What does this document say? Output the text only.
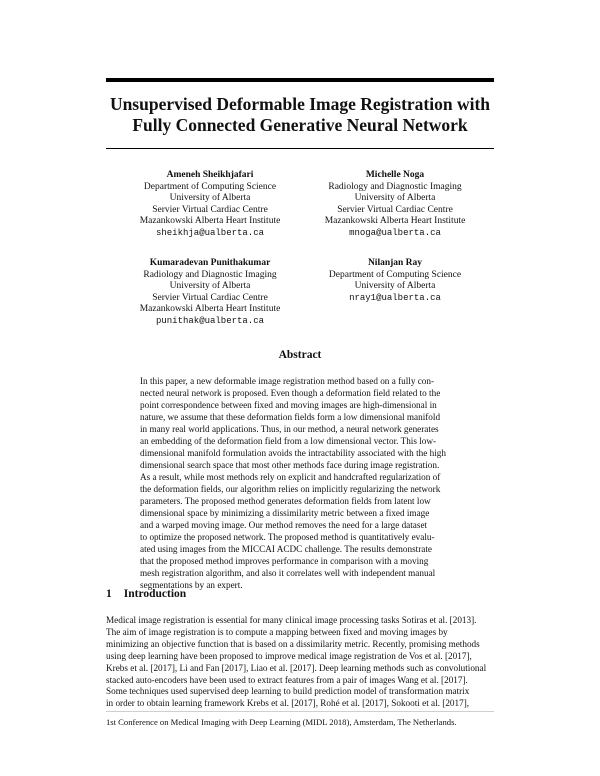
Unsupervised Deformable Image Registration with
Fully Connected Generative Neural Network
Ameneh Sheikhjafari
Department of Computing Science
University of Alberta
Servier Virtual Cardiac Centre
Mazankowski Alberta Heart Institute
sheikhja@ualberta.ca
Michelle Noga
Radiology and Diagnostic Imaging
University of Alberta
Servier Virtual Cardiac Centre
Mazankowski Alberta Heart Institute
mnoga@ualberta.ca
Kumaradevan Punithakumar
Radiology and Diagnostic Imaging
University of Alberta
Servier Virtual Cardiac Centre
Mazankowski Alberta Heart Institute
punithak@ualberta.ca
Nilanjan Ray
Department of Computing Science
University of Alberta
nray1@ualberta.ca
Abstract
In this paper, a new deformable image registration method based on a fully con-
nected neural network is proposed. Even though a deformation field related to the
point correspondence between fixed and moving images are high-dimensional in
nature, we assume that these deformation fields form a low dimensional manifold
in many real world applications. Thus, in our method, a neural network generates
an embedding of the deformation field from a low dimensional vector. This low-
dimensional manifold formulation avoids the intractability associated with the high
dimensional search space that most other methods face during image registration.
As a result, while most methods rely on explicit and handcrafted regularization of
the deformation fields, our algorithm relies on implicitly regularizing the network
parameters. The proposed method generates deformation fields from latent low
dimensional space by minimizing a dissimilarity metric between a fixed image
and a warped moving image. Our method removes the need for a large dataset
to optimize the proposed network. The proposed method is quantitatively evalu-
ated using images from the MICCAI ACDC challenge. The results demonstrate
that the proposed method improves performance in comparison with a moving
mesh registration algorithm, and also it correlates well with independent manual
segmentations by an expert.
1 Introduction
Medical image registration is essential for many clinical image processing tasks Sotiras et al. [2013].
The aim of image registration is to compute a mapping between fixed and moving images by
minimizing an objective function that is based on a dissimilarity metric. Recently, promising methods
using deep learning have been proposed to improve medical image registration de Vos et al. [2017],
Krebs et al. [2017], Li and Fan [2017], Liao et al. [2017]. Deep learning methods such as convolutional
stacked auto-encoders have been used to extract features from a pair of images Wang et al. [2017].
Some techniques used supervised deep learning to build prediction model of transformation matrix
in order to obtain learning framework Krebs et al. [2017], Rohé et al. [2017], Sokooti et al. [2017],
1st Conference on Medical Imaging with Deep Learning (MIDL 2018), Amsterdam, The Netherlands.
